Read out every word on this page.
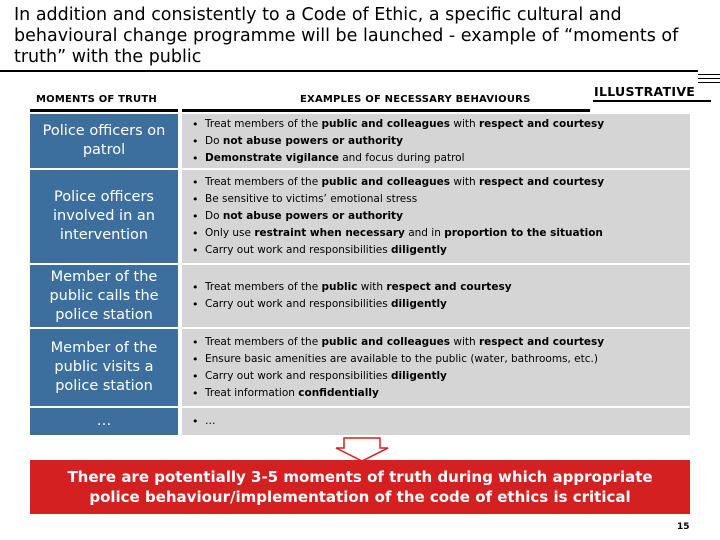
In addition and consistently to a Code of Ethic, a specific cultural and behavioural change programme will be launched - example of “moments of truth” with the public
MOMENTS OF TRUTH	EXAMPLES OF NECESSARY BEHAVIOURS
ILLUSTRATIVE
Police officers on patrol
• Treat members of the public and colleagues with respect and courtesy
• Do not abuse powers or authority
• Demonstrate vigilance and focus during patrol
Police officers involved in an intervention
• Treat members of the public and colleagues with respect and courtesy
• Be sensitive to victims’ emotional stress
• Do not abuse powers or authority
• Only use restraint when necessary and in proportion to the situation
• Carry out work and responsibilities diligently
Member of the public calls the police station
• Treat members of the public with respect and courtesy
• Carry out work and responsibilities diligently
Member of the public visits a police station
• Treat members of the public and colleagues with respect and courtesy
• Ensure basic amenities are available to the public (water, bathrooms, etc.)
• Carry out work and responsibilities diligently
• Treat information confidentially
…
•	…
There are potentially 3-5 moments of truth during which appropriate police behaviour/implementation of the code of ethics is critical
15
